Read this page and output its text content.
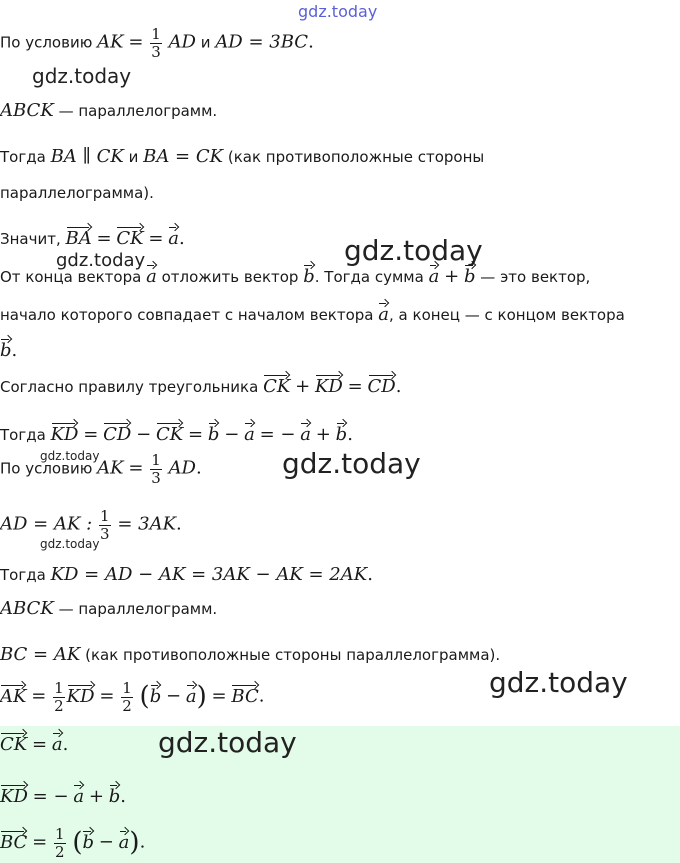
gdz.today
gdz.today
gdz.today
gdz.today
gdz.today	gdz.today
gdz.today
gdz.today
gdz.today
По условию AK = $\frac{1}{3}$ AD и AD = 3BC.
ABCK — параллелограмм.
Тогда BA ∥ CK и BA = CK (как противоположные стороны
параллелограмма).
Значит, BA = CK = a.
От конца вектора a отложить вектор b. Тогда сумма a + b — это вектор,
начало которого совпадает с началом вектора a, а конец — с концом вектора
b.
Согласно правилу треугольника CK + KD = CD.
Тогда KD = CD − CK = b − a = − a + b.
По условию AK = $\frac{1}{3}$ AD.
AD = AK : $\frac{1}{3} = 3AK$.
Тогда KD = AD − AK = 3AK − AK = 2AK.
ABCK — параллелограмм.
BC = AK (как противоположные стороны параллелограмма).
AK = $\frac{1}{2}$ KD = $\frac{1}{2} (b - a)$ = BC.
CK = a.
KD = − a + b.
BC = $\frac{1}{2} (b - a)$.
